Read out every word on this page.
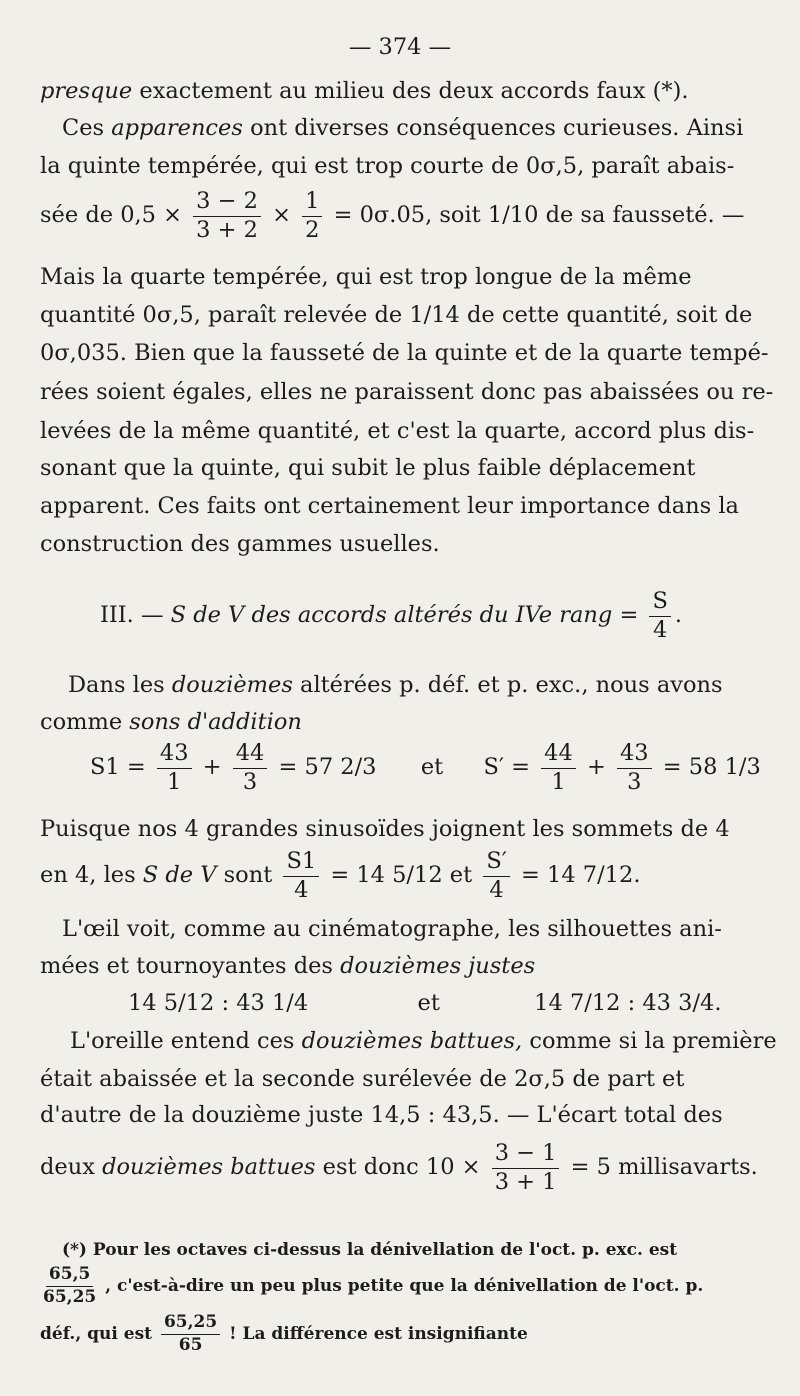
— 374 —
presque exactement au milieu des deux accords faux (*).
Ces apparences ont diverses conséquences curieuses. Ainsi
la quinte tempérée, qui est trop courte de 0σ,5, paraît abais-
sée de $0,5 \times \frac{3 - 2}{3 + 2} \times \frac{1}{2} = 0\sigma.05$, soit 1/10 de sa fausseté. —
Mais la quarte tempérée, qui est trop longue de la même
quantité 0σ,5, paraît relevée de 1/14 de cette quantité, soit de
0σ,035. Bien que la fausseté de la quinte et de la quarte tempé-
rées soient égales, elles ne paraissent donc pas abaissées ou re-
levées de la même quantité, et c'est la quarte, accord plus dis-
sonant que la quinte, qui subit le plus faible déplacement
apparent. Ces faits ont certainement leur importance dans la
construction des gammes usuelles.
III. — S de V des accords altérés du IVe rang = $\frac{S}{4}$ .
Dans les douzièmes altérées p. déf. et p. exc., nous avons
comme sons d'addition
$S1 = \frac{43}{1} + \frac{44}{3} = 57$ 2/3 et $S' = \frac{44}{1} + \frac{43}{3} = 58$ 1/3
Puisque nos 4 grandes sinusoïdes joignent les sommets de 4
en 4, les S de V sont $\frac{S1}{4} = 14$ 5/12 et $\frac{S'}{4} = 14$ 7/12.
L'œil voit, comme au cinématographe, les silhouettes ani-
mées et tournoyantes des douzièmes justes
14 5/12 : 43 1/4	et	14 7/12 : 43 3/4.
L'oreille entend ces douzièmes battues, comme si la première
était abaissée et la seconde surélevée de 2σ,5 de part et
d'autre de la douzième juste 14,5 : 43,5. — L'écart total des
deux douzièmes battues est donc $10 \times \frac{3 - 1}{3 + 1} = 5$ millisavarts.
(*) Pour les octaves ci-dessus la dénivellation de l'oct. p. exc. est
$\frac{65,5}{65,25}$ , c'est-à-dire un peu plus petite que la dénivellation de l'oct. p.
déf., qui est $\frac{65,25}{65}$ ! La différence est insignifiante
